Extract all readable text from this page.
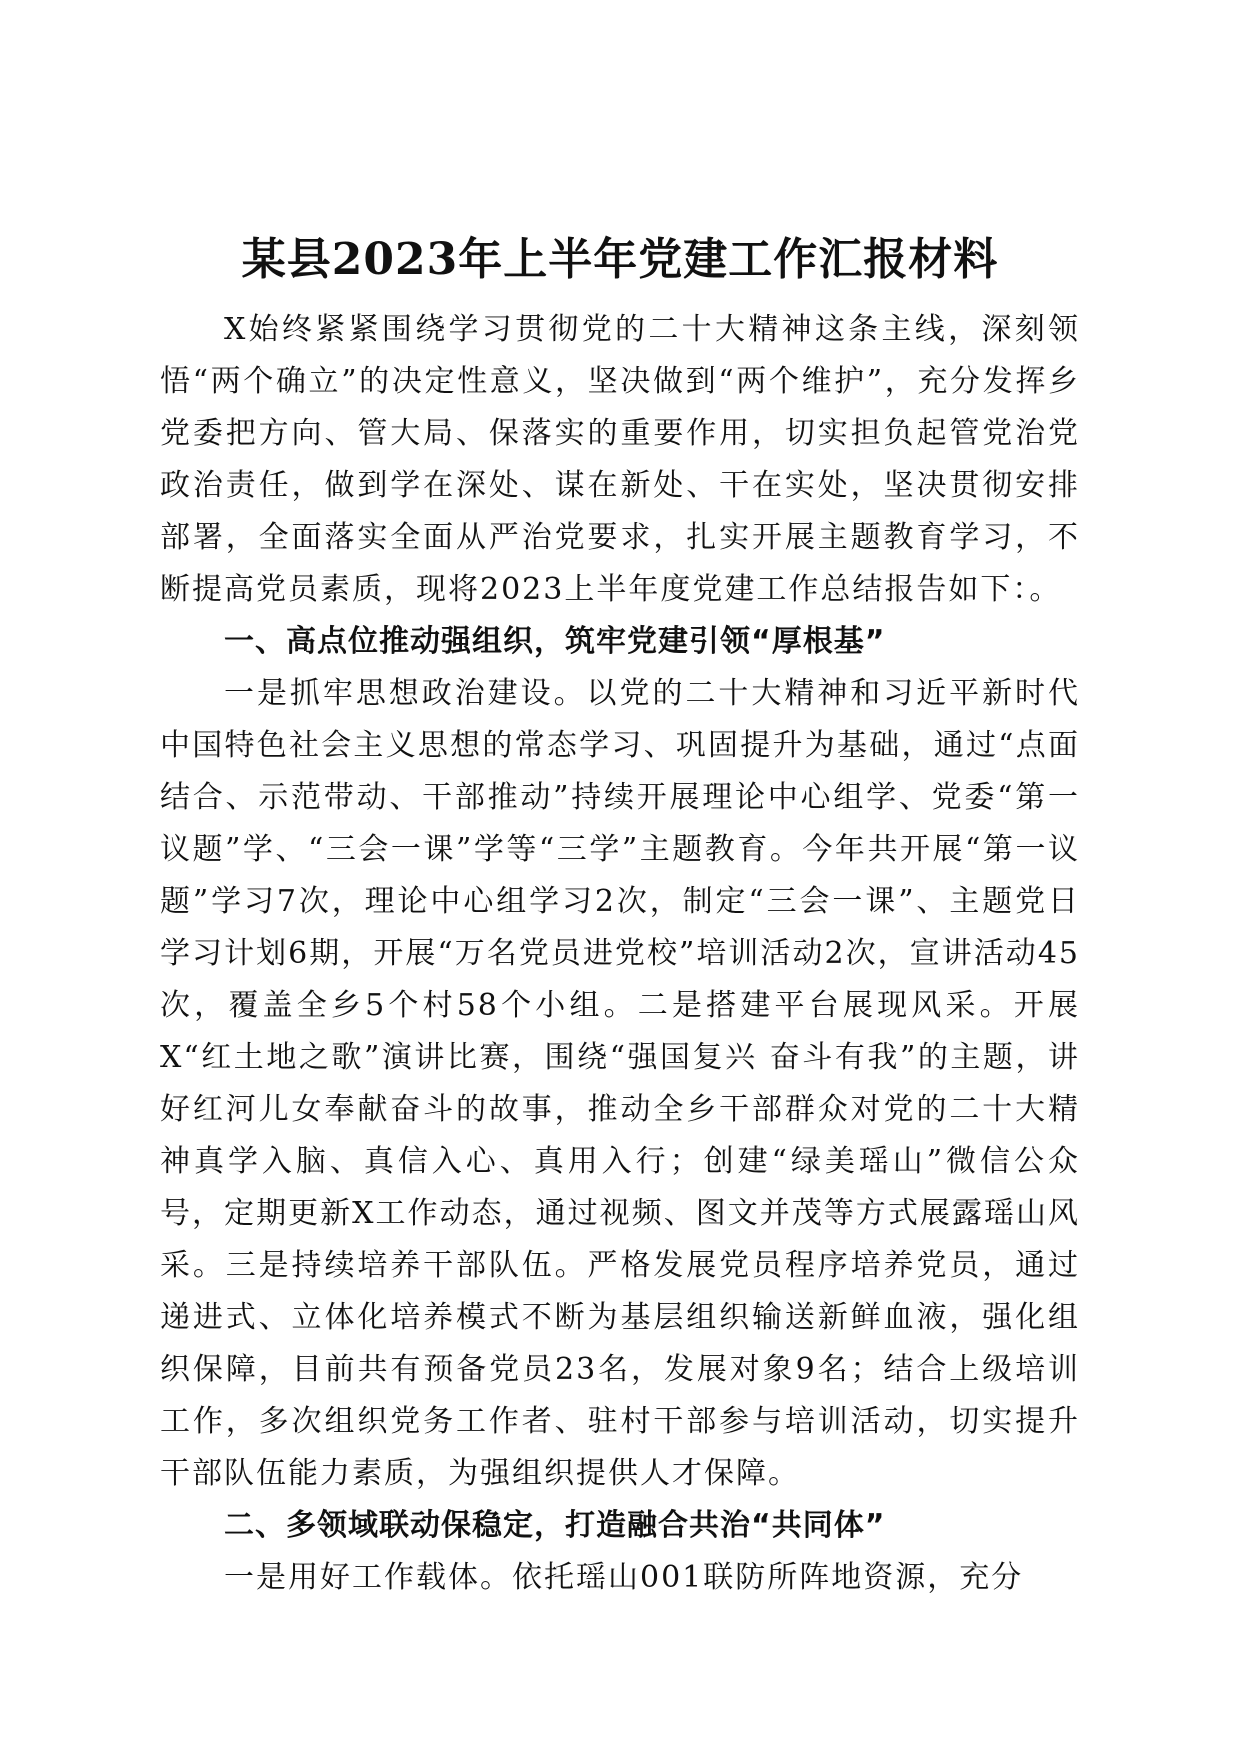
某县2023年上半年党建工作汇报材料

X始终紧紧围绕学习贯彻党的二十大精神这条主线，深刻领悟“两个确立”的决定性意义，坚决做到“两个维护”，充分发挥乡党委把方向、管大局、保落实的重要作用，切实担负起管党治党政治责任，做到学在深处、谋在新处、干在实处，坚决贯彻安排部署，全面落实全面从严治党要求，扎实开展主题教育学习，不断提高党员素质，现将2023上半年度党建工作总结报告如下：。

一、高点位推动强组织，筑牢党建引领“厚根基”

一是抓牢思想政治建设。以党的二十大精神和习近平新时代中国特色社会主义思想的常态学习、巩固提升为基础，通过“点面结合、示范带动、干部推动”持续开展理论中心组学、党委“第一议题”学、“三会一课”学等“三学”主题教育。今年共开展“第一议题”学习7次，理论中心组学习2次，制定“三会一课”、主题党日学习计划6期，开展“万名党员进党校”培训活动2次，宣讲活动45次，覆盖全乡5个村58个小组。二是搭建平台展现风采。开展X“红土地之歌”演讲比赛，围绕“强国复兴 奋斗有我”的主题，讲好红河儿女奉献奋斗的故事，推动全乡干部群众对党的二十大精神真学入脑、真信入心、真用入行；创建“绿美瑶山”微信公众号，定期更新X工作动态，通过视频、图文并茂等方式展露瑶山风采。三是持续培养干部队伍。严格发展党员程序培养党员，通过递进式、立体化培养模式不断为基层组织输送新鲜血液，强化组织保障，目前共有预备党员23名，发展对象9名；结合上级培训工作，多次组织党务工作者、驻村干部参与培训活动，切实提升干部队伍能力素质，为强组织提供人才保障。

二、多领域联动保稳定，打造融合共治“共同体”

一是用好工作载体。依托瑶山001联防所阵地资源，充分
